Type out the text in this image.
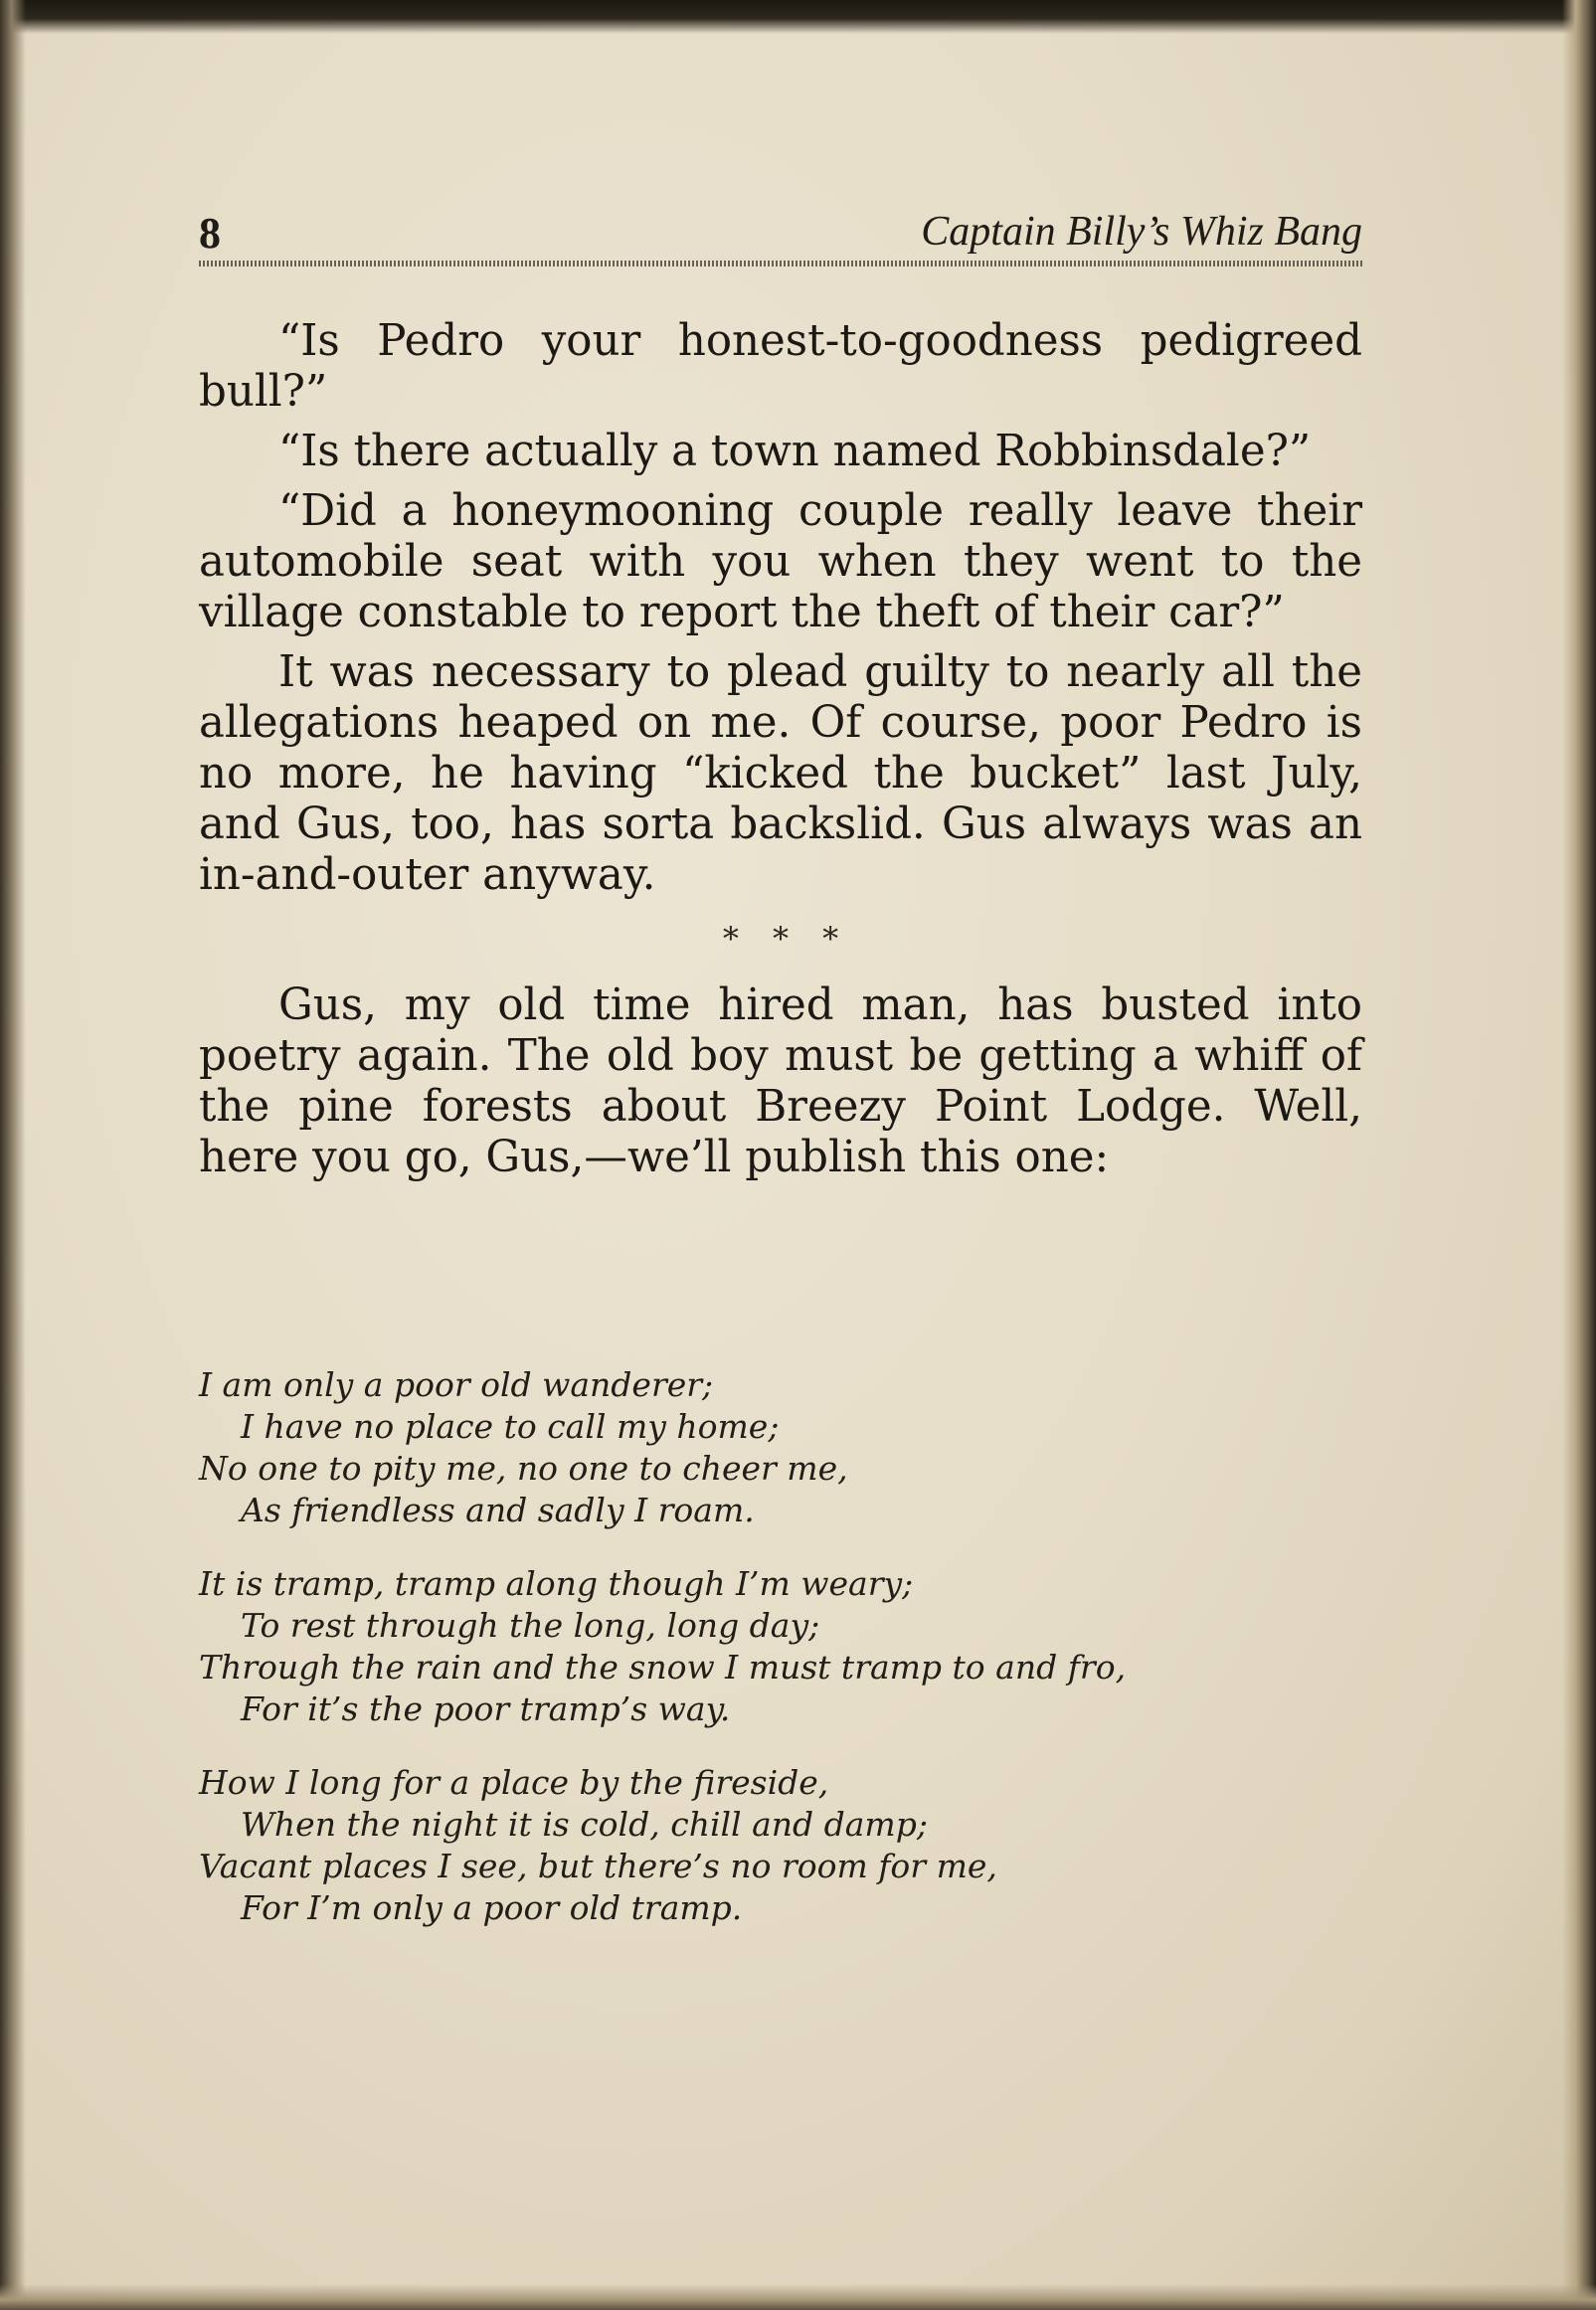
8	Captain Billy’s Whiz Bang

“Is Pedro your honest-to-goodness pedigreed bull?”

“Is there actually a town named Robbinsdale?”

“Did a honeymooning couple really leave their automobile seat with you when they went to the village constable to report the theft of their car?”

It was necessary to plead guilty to nearly all the allegations heaped on me. Of course, poor Pedro is no more, he having “kicked the bucket” last July, and Gus, too, has sorta backslid. Gus always was an in-and-outer anyway.

* * *

Gus, my old time hired man, has busted into poetry again. The old boy must be getting a whiff of the pine forests about Breezy Point Lodge. Well, here you go, Gus,—we’ll publish this one:

I am only a poor old wanderer;
I have no place to call my home;
No one to pity me, no one to cheer me,
As friendless and sadly I roam.
It is tramp, tramp along though I’m weary;
To rest through the long, long day;
Through the rain and the snow I must tramp to and fro,
For it’s the poor tramp’s way.
How I long for a place by the fireside,
When the night it is cold, chill and damp;
Vacant places I see, but there’s no room for me,
For I’m only a poor old tramp.
